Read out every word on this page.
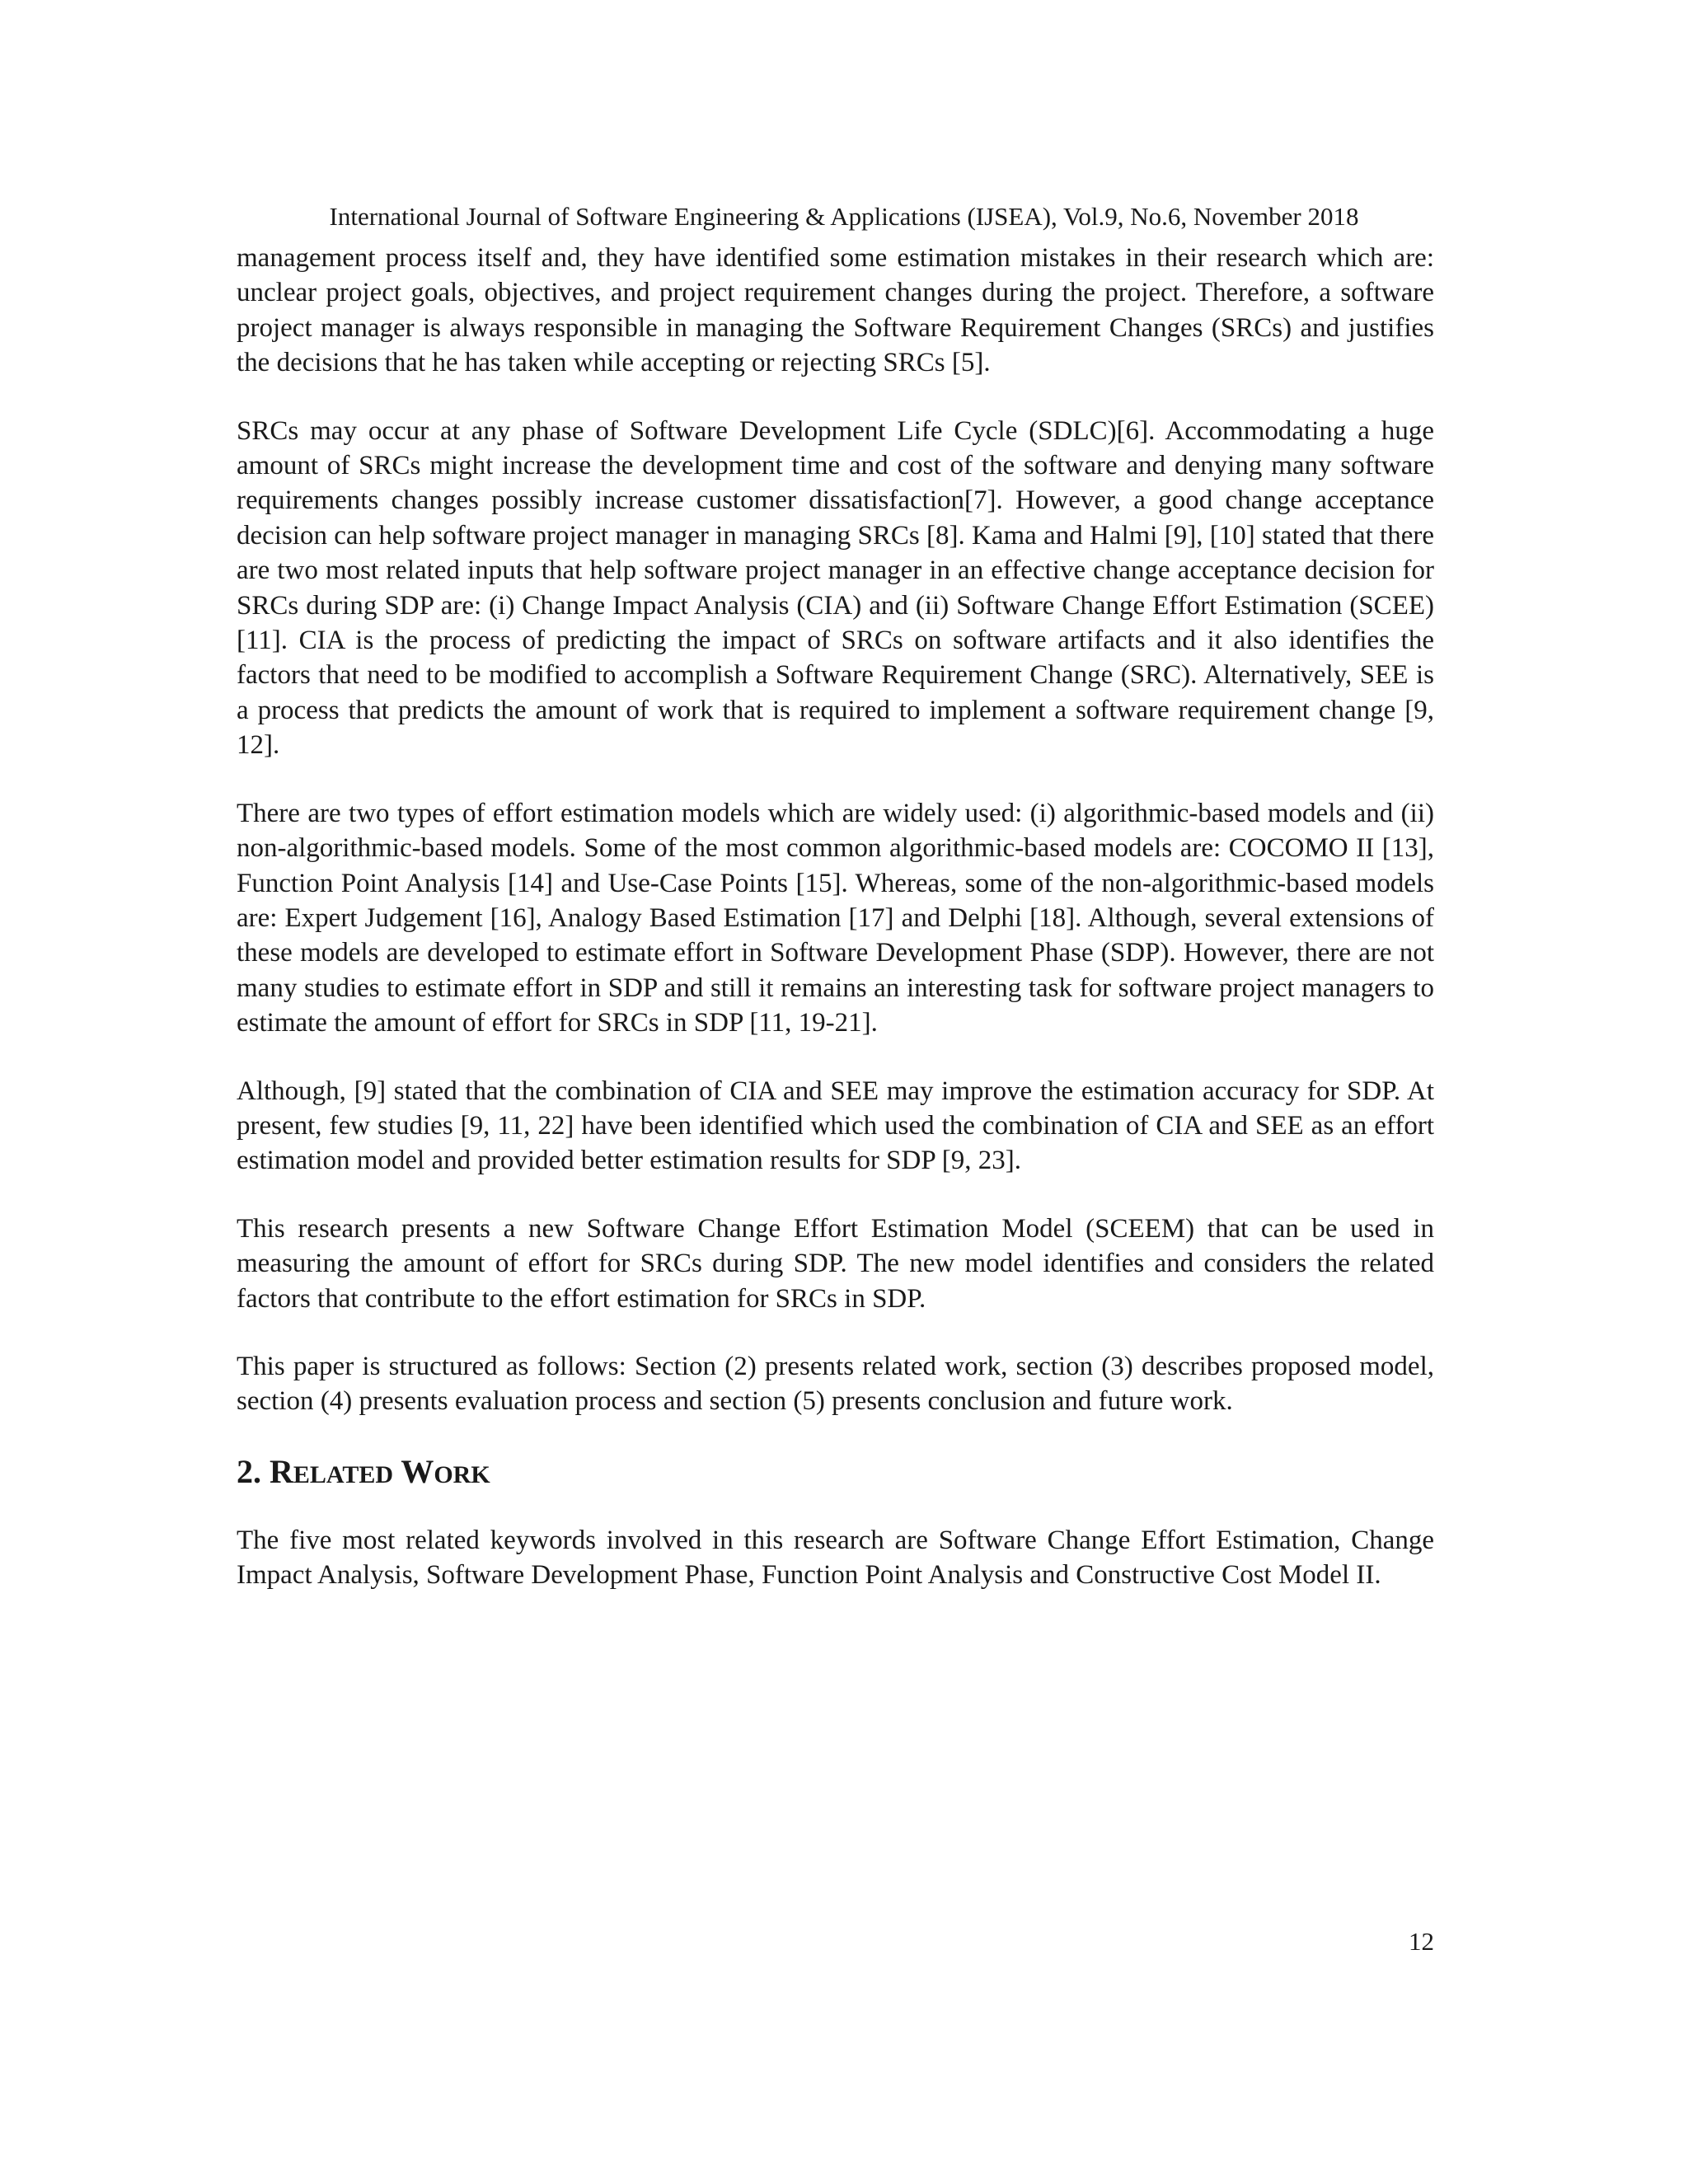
International Journal of Software Engineering & Applications (IJSEA), Vol.9, No.6, November 2018

management process itself and, they have identified some estimation mistakes in their research which are: unclear project goals, objectives, and project requirement changes during the project. Therefore, a software project manager is always responsible in managing the Software Requirement Changes (SRCs) and justifies the decisions that he has taken while accepting or rejecting SRCs [5].

SRCs may occur at any phase of Software Development Life Cycle (SDLC)[6]. Accommodating a huge amount of SRCs might increase the development time and cost of the software and denying many software requirements changes possibly increase customer dissatisfaction[7]. However, a good change acceptance decision can help software project manager in managing SRCs [8]. Kama and Halmi [9], [10] stated that there are two most related inputs that help software project manager in an effective change acceptance decision for SRCs during SDP are: (i) Change Impact Analysis (CIA) and (ii) Software Change Effort Estimation (SCEE) [11]. CIA is the process of predicting the impact of SRCs on software artifacts and it also identifies the factors that need to be modified to accomplish a Software Requirement Change (SRC). Alternatively, SEE is a process that predicts the amount of work that is required to implement a software requirement change [9, 12].

There are two types of effort estimation models which are widely used: (i) algorithmic-based models and (ii) non-algorithmic-based models. Some of the most common algorithmic-based models are: COCOMO II [13], Function Point Analysis [14] and Use-Case Points [15]. Whereas, some of the non-algorithmic-based models are: Expert Judgement [16], Analogy Based Estimation [17] and Delphi [18]. Although, several extensions of these models are developed to estimate effort in Software Development Phase (SDP). However, there are not many studies to estimate effort in SDP and still it remains an interesting task for software project managers to estimate the amount of effort for SRCs in SDP [11, 19-21].

Although, [9] stated that the combination of CIA and SEE may improve the estimation accuracy for SDP. At present, few studies [9, 11, 22] have been identified which used the combination of CIA and SEE as an effort estimation model and provided better estimation results for SDP [9, 23].

This research presents a new Software Change Effort Estimation Model (SCEEM) that can be used in measuring the amount of effort for SRCs during SDP. The new model identifies and considers the related factors that contribute to the effort estimation for SRCs in SDP.

This paper is structured as follows: Section (2) presents related work, section (3) describes proposed model, section (4) presents evaluation process and section (5) presents conclusion and future work.

2. RELATED WORK

The five most related keywords involved in this research are Software Change Effort Estimation, Change Impact Analysis, Software Development Phase, Function Point Analysis and Constructive Cost Model II.

12
